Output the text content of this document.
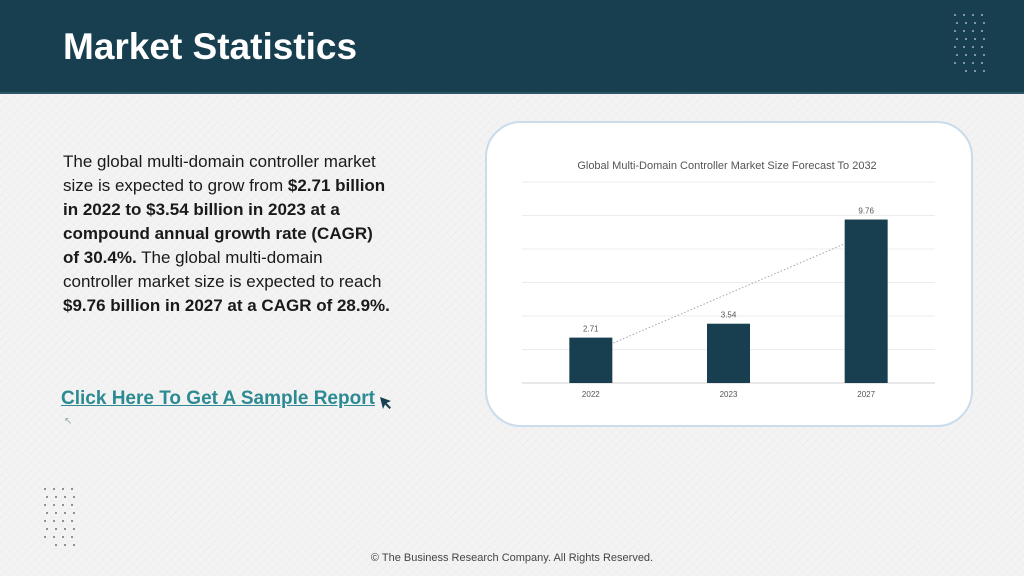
Market Statistics
The global multi-domain controller market size is expected to grow from $2.71 billion in 2022 to $3.54 billion in 2023 at a compound annual growth rate (CAGR) of 30.4%. The global multi-domain controller market size is expected to reach $9.76 billion in 2027 at a CAGR of 28.9%.
Click Here To Get A Sample Report
↖
Global Multi-Domain Controller Market Size Forecast To 2032
2.71
2022
3.54
2023
9.76
2027
© The Business Research Company. All Rights Reserved.
